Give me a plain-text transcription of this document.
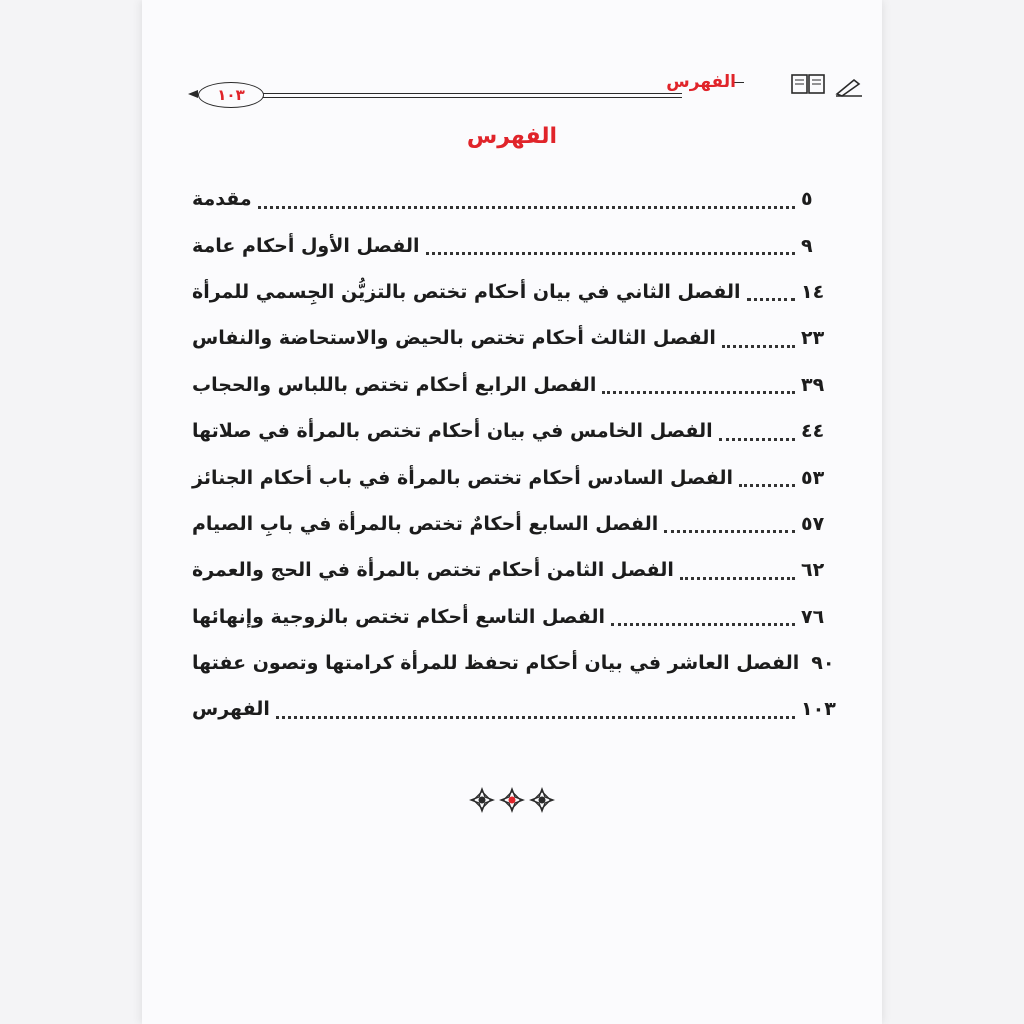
١٠٣
الفهرس
الفهرس
مقدمة	٥
الفصل الأول أحكام عامة	٩
الفصل الثاني في بيان أحكام تختص بالتزيُّن الجِسمي للمرأة	١٤
الفصل الثالث أحكام تختص بالحيض والاستحاضة والنفاس	٢٣
الفصل الرابع أحكام تختص باللباس والحجاب	٣٩
الفصل الخامس في بيان أحكام تختص بالمرأة في صلاتها	٤٤
الفصل السادس أحكام تختص بالمرأة في باب أحكام الجنائز	٥٣
الفصل السابع أحكامٌ تختص بالمرأة في بابِ الصيام	٥٧
الفصل الثامن أحكام تختص بالمرأة في الحج والعمرة	٦٢
الفصل التاسع أحكام تختص بالزوجية وإنهائها	٧٦
الفصل العاشر في بيان أحكام تحفظ للمرأة كرامتها وتصون عفتها ٩٠
الفهرس	١٠٣
